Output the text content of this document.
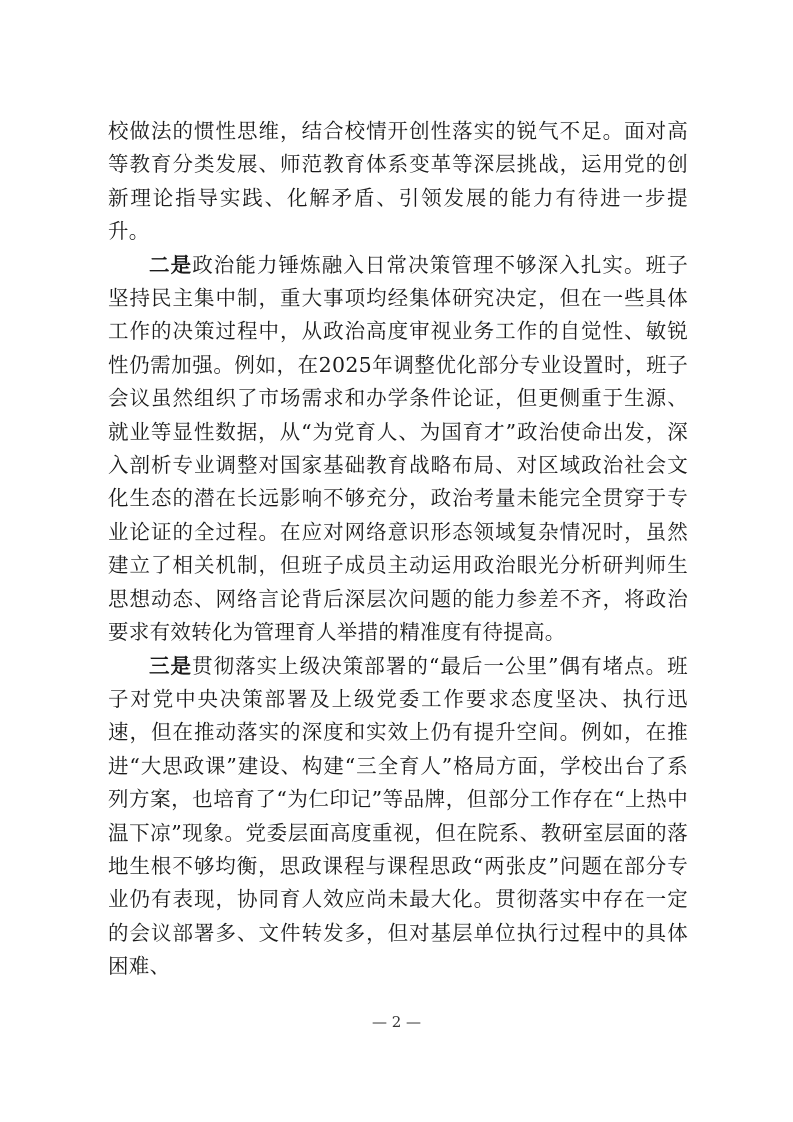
校做法的惯性思维，结合校情开创性落实的锐气不足。面对高等教育分类发展、师范教育体系变革等深层挑战，运用党的创新理论指导实践、化解矛盾、引领发展的能力有待进一步提升。

二是政治能力锤炼融入日常决策管理不够深入扎实。班子坚持民主集中制，重大事项均经集体研究决定，但在一些具体工作的决策过程中，从政治高度审视业务工作的自觉性、敏锐性仍需加强。例如，在2025年调整优化部分专业设置时，班子会议虽然组织了市场需求和办学条件论证，但更侧重于生源、就业等显性数据，从“为党育人、为国育才”政治使命出发，深入剖析专业调整对国家基础教育战略布局、对区域政治社会文化生态的潜在长远影响不够充分，政治考量未能完全贯穿于专业论证的全过程。在应对网络意识形态领域复杂情况时，虽然建立了相关机制，但班子成员主动运用政治眼光分析研判师生思想动态、网络言论背后深层次问题的能力参差不齐，将政治要求有效转化为管理育人举措的精准度有待提高。

三是贯彻落实上级决策部署的“最后一公里”偶有堵点。班子对党中央决策部署及上级党委工作要求态度坚决、执行迅速，但在推动落实的深度和实效上仍有提升空间。例如，在推进“大思政课”建设、构建“三全育人”格局方面，学校出台了系列方案，也培育了“为仁印记”等品牌，但部分工作存在“上热中温下凉”现象。党委层面高度重视，但在院系、教研室层面的落地生根不够均衡，思政课程与课程思政“两张皮”问题在部分专业仍有表现，协同育人效应尚未最大化。贯彻落实中存在一定的会议部署多、文件转发多，但对基层单位执行过程中的具体困难、

— 2 —
